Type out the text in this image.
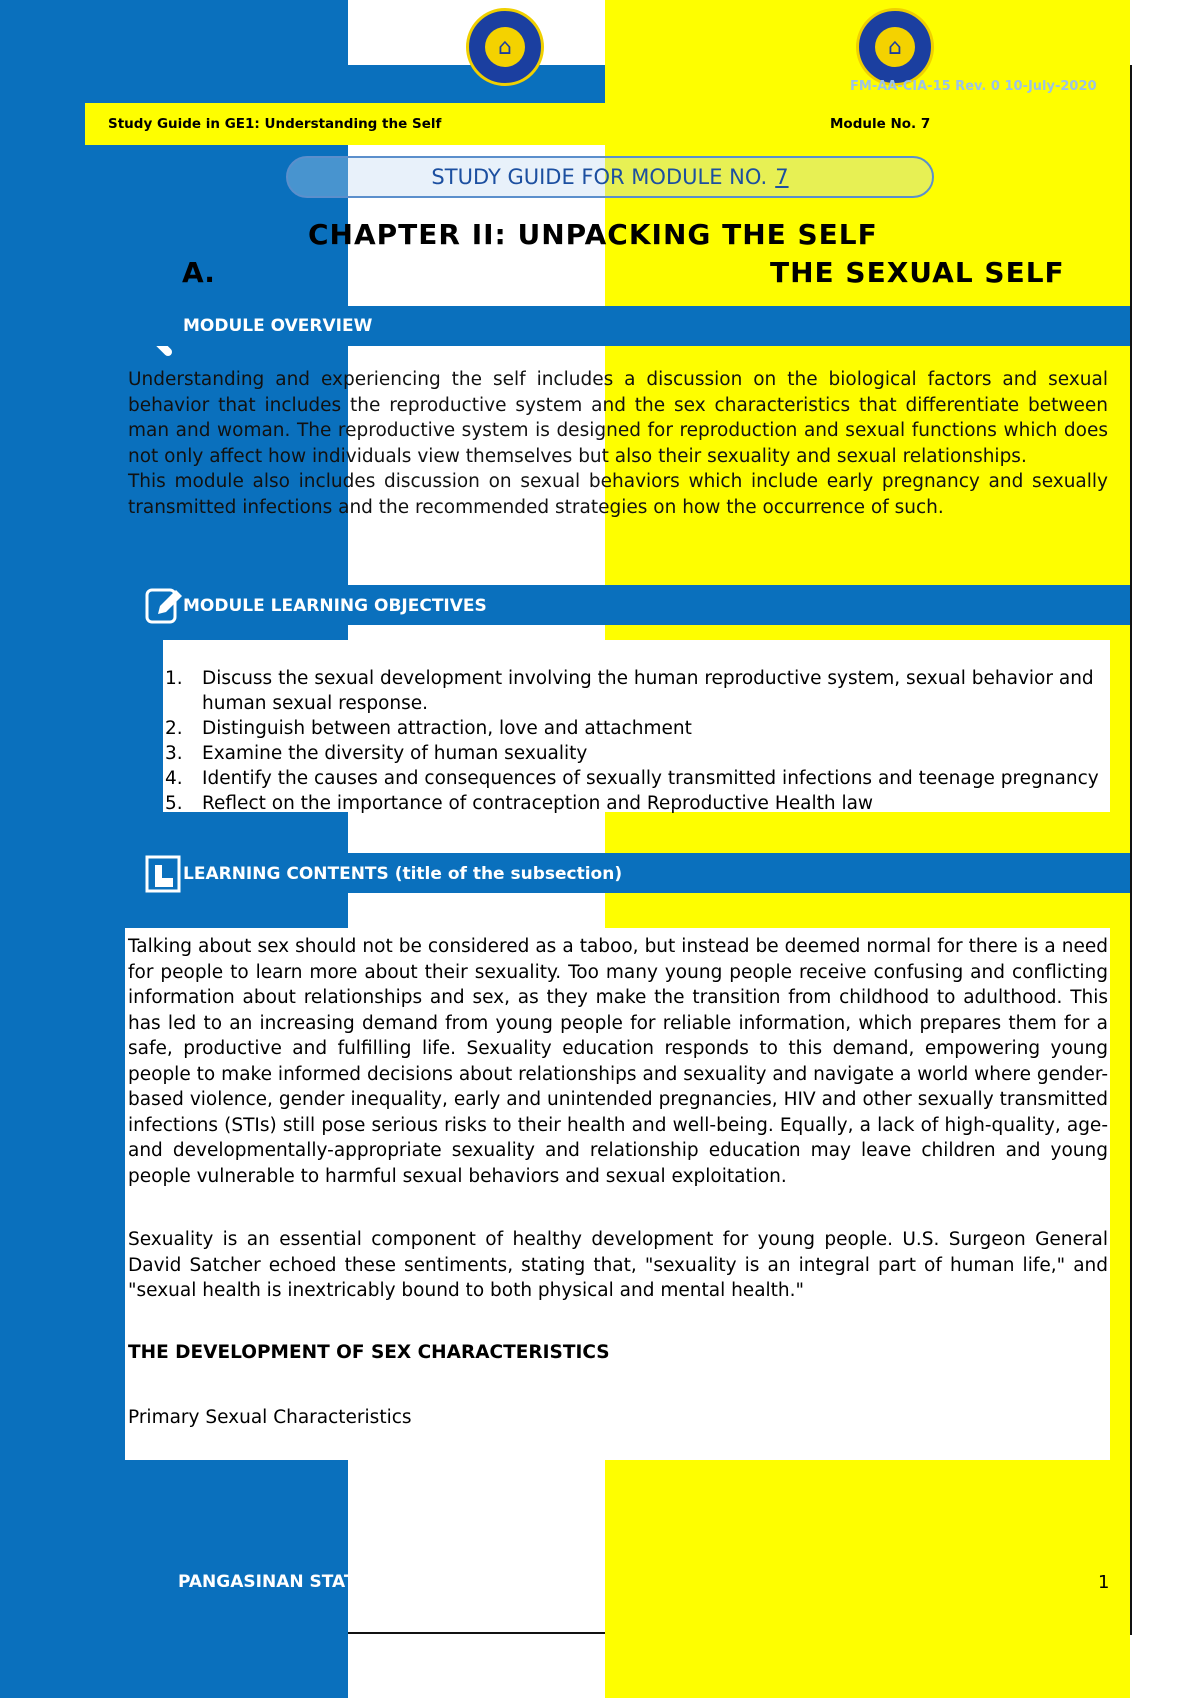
⌂	⌂
FM-AA-CIA-15 Rev. 0 10-July-2020
Study Guide in GE1: Understanding the Self	Module No. 7
STUDY GUIDE FOR MODULE NO. 7
CHAPTER II: UNPACKING THE SELF
A.	THE SEXUAL SELF
MODULE OVERVIEW

Understanding and experiencing the self includes a discussion on the biological factors and sexual behavior that includes the reproductive system and the sex characteristics that differentiate between man and woman. The reproductive system is designed for reproduction and sexual functions which does not only affect how individuals view themselves but also their sexuality and sexual relationships.

This module also includes discussion on sexual behaviors which include early pregnancy and sexually transmitted infections and the recommended strategies on how the occurrence of such.

MODULE LEARNING OBJECTIVES
1.	Discuss the sexual development involving the human reproductive system, sexual behavior and human sexual response.
2.	Distinguish between attraction, love and attachment
3.	Examine the diversity of human sexuality
4.	Identify the causes and consequences of sexually transmitted infections and teenage pregnancy
5.	Reflect on the importance of contraception and Reproductive Health law
LEARNING CONTENTS (title of the subsection)

Talking about sex should not be considered as a taboo, but instead be deemed normal for there is a need for people to learn more about their sexuality. Too many young people receive confusing and conflicting information about relationships and sex, as they make the transition from childhood to adulthood. This has led to an increasing demand from young people for reliable information, which prepares them for a safe, productive and fulfilling life. Sexuality education responds to this demand, empowering young people to make informed decisions about relationships and sexuality and navigate a world where gender-based violence, gender inequality, early and unintended pregnancies, HIV and other sexually transmitted infections (STIs) still pose serious risks to their health and well-being. Equally, a lack of high-quality, age- and developmentally-appropriate sexuality and relationship education may leave children and young people vulnerable to harmful sexual behaviors and sexual exploitation.

Sexuality is an essential component of healthy development for young people. U.S. Surgeon General David Satcher echoed these sentiments, stating that, "sexuality is an integral part of human life," and "sexual health is inextricably bound to both physical and mental health."

THE DEVELOPMENT OF SEX CHARACTERISTICS

Primary Sexual Characteristics

PANGASINAN STAT	1
